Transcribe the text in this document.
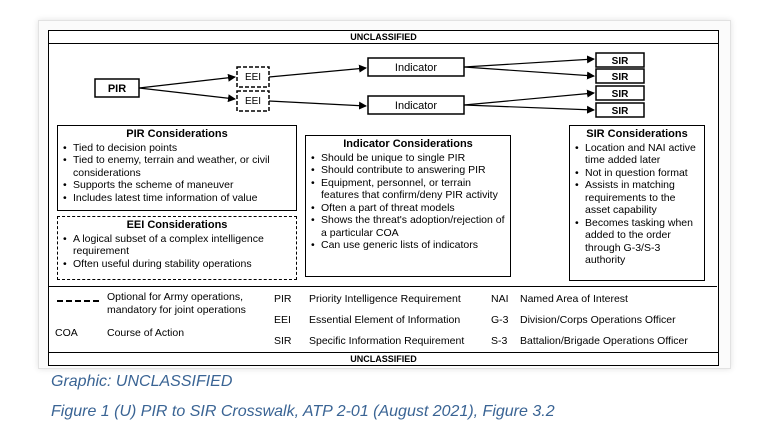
UNCLASSIFIED
PIR
EEI
EEI
Indicator
Indicator
SIR
SIR
SIR
SIR
PIR Considerations
• Tied to decision points
• Tied to enemy, terrain and weather, or civil considerations
• Supports the scheme of maneuver
• Includes latest time information of value
EEI Considerations
• A logical subset of a complex intelligence requirement
• Often useful during stability operations
Indicator Considerations
• Should be unique to single PIR
• Should contribute to answering PIR
• Equipment, personnel, or terrain features that confirm/deny PIR activity
• Often a part of threat models
• Shows the threat's adoption/rejection of a particular COA
• Can use generic lists of indicators
SIR Considerations
• Location and NAI active time added later
• Not in question format
• Assists in matching requirements to the asset capability
• Becomes tasking when added to the order through G-3/S-3 authority
Optional for Army operations,
mandatory for joint operations
COA	Course of Action
PIR Priority Intelligence Requirement
EEI Essential Element of Information
SIR Specific Information Requirement
NAI Named Area of Interest
G-3 Division/Corps Operations Officer
S-3 Battalion/Brigade Operations Officer
UNCLASSIFIED
Graphic: UNCLASSIFIED
Figure 1 (U) PIR to SIR Crosswalk, ATP 2-01 (August 2021), Figure 3.2
